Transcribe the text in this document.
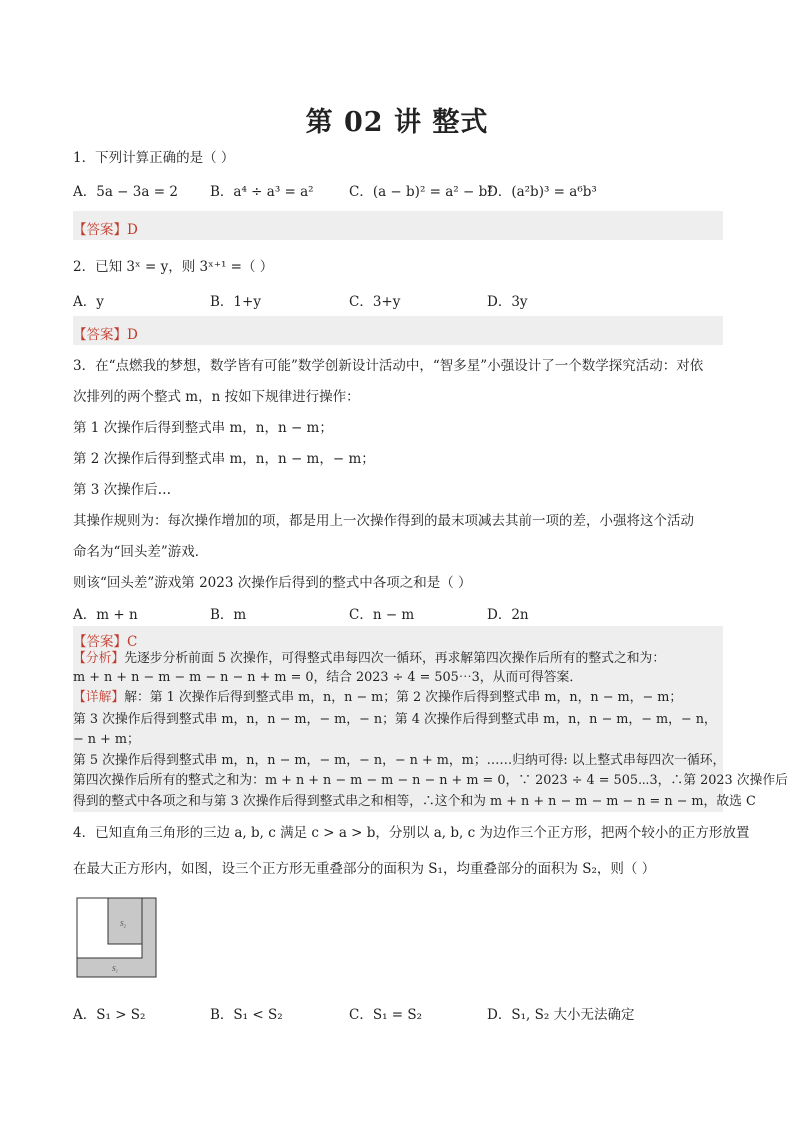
第 02 讲 整式
1．下列计算正确的是（ ）
A．5a − 3a = 2 B．a⁴ ÷ a³ = a²	C．(a − b)² = a² − b²
D．(a²b)³ = a⁶b³
【答案】D
2．已知 3ˣ = y，则 3ˣ⁺¹ =（ ）
A．y	B．1+y	C．3+y	D．3y
【答案】D
3．在“点燃我的梦想，数学皆有可能”数学创新设计活动中，“智多星”小强设计了一个数学探究活动：对依
次排列的两个整式 m，n 按如下规律进行操作：
第 1 次操作后得到整式串 m，n，n − m；
第 2 次操作后得到整式串 m，n，n − m，− m；
第 3 次操作后…
其操作规则为：每次操作增加的项，都是用上一次操作得到的最末项减去其前一项的差，小强将这个活动
命名为“回头差”游戏．
则该“回头差”游戏第 2023 次操作后得到的整式中各项之和是（ ）
A．m + n	B．m	C．n − m	D．2n
【答案】C
【分析】先逐步分析前面 5 次操作，可得整式串每四次一循环，再求解第四次操作后所有的整式之和为：
m + n + n − m − m − n − n + m = 0，结合 2023 ÷ 4 = 505⋯3，从而可得答案．
【详解】解：第 1 次操作后得到整式串 m，n，n − m；第 2 次操作后得到整式串 m，n，n − m，− m；
第 3 次操作后得到整式串 m，n，n − m，− m，− n；第 4 次操作后得到整式串 m，n，n − m，− m，− n，
− n + m；
第 5 次操作后得到整式串 m，n，n − m，− m，− n，− n + m，m；……归纳可得: 以上整式串每四次一循环，
第四次操作后所有的整式之和为：m + n + n − m − m − n − n + m = 0，∵ 2023 ÷ 4 = 505⋯3，∴第 2023 次操作后
得到的整式中各项之和与第 3 次操作后得到整式串之和相等，∴这个和为 m + n + n − m − m − n = n − m，故选 C
4．已知直角三角形的三边 a, b, c 满足 c > a > b，分别以 a, b, c 为边作三个正方形，把两个较小的正方形放置
在最大正方形内，如图，设三个正方形无重叠部分的面积为 S₁，均重叠部分的面积为 S₂，则（ ）
S₂
S₁
A．S₁ > S₂	B．S₁ < S₂	C．S₁ = S₂	D．S₁, S₂ 大小无法确定
